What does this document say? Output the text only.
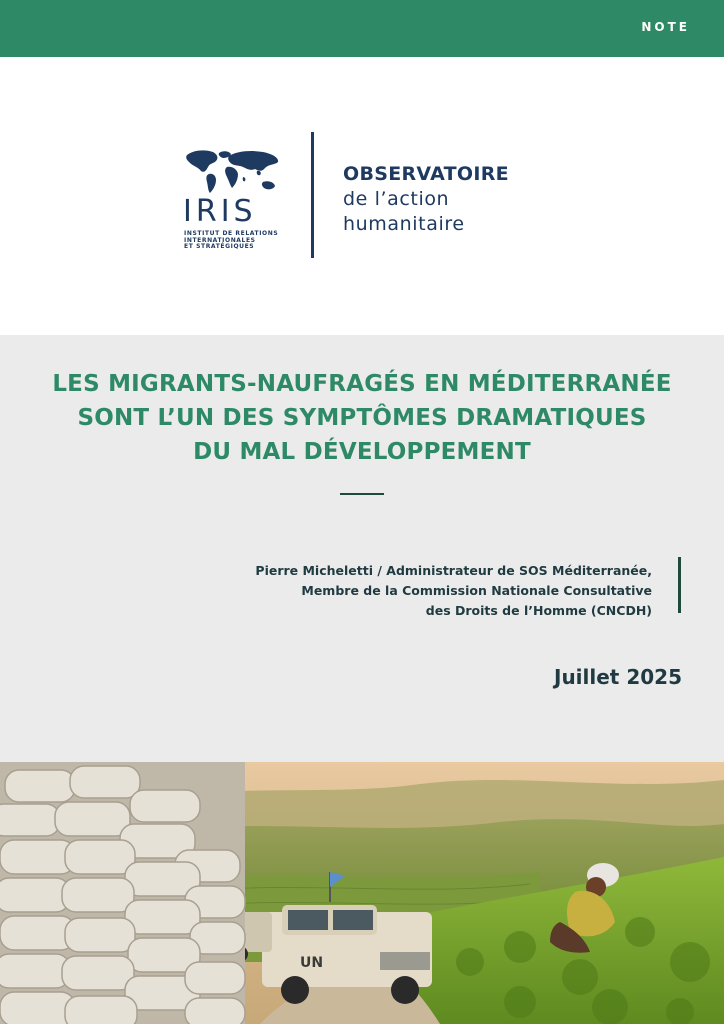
NOTE
IRIS
INSTITUT DE RELATIONS
INTERNATIONALES
ET STRATÉGIQUES
OBSERVATOIRE
de l’action
humanitaire
LES MIGRANTS-NAUFRAGÉS EN MÉDITERRANÉE
SONT L’UN DES SYMPTÔMES DRAMATIQUES
DU MAL DÉVELOPPEMENT
Pierre Micheletti / Administrateur de SOS Méditerranée,
Membre de la Commission Nationale Consultative
des Droits de l’Homme (CNCDH)
Juillet 2025
UN
